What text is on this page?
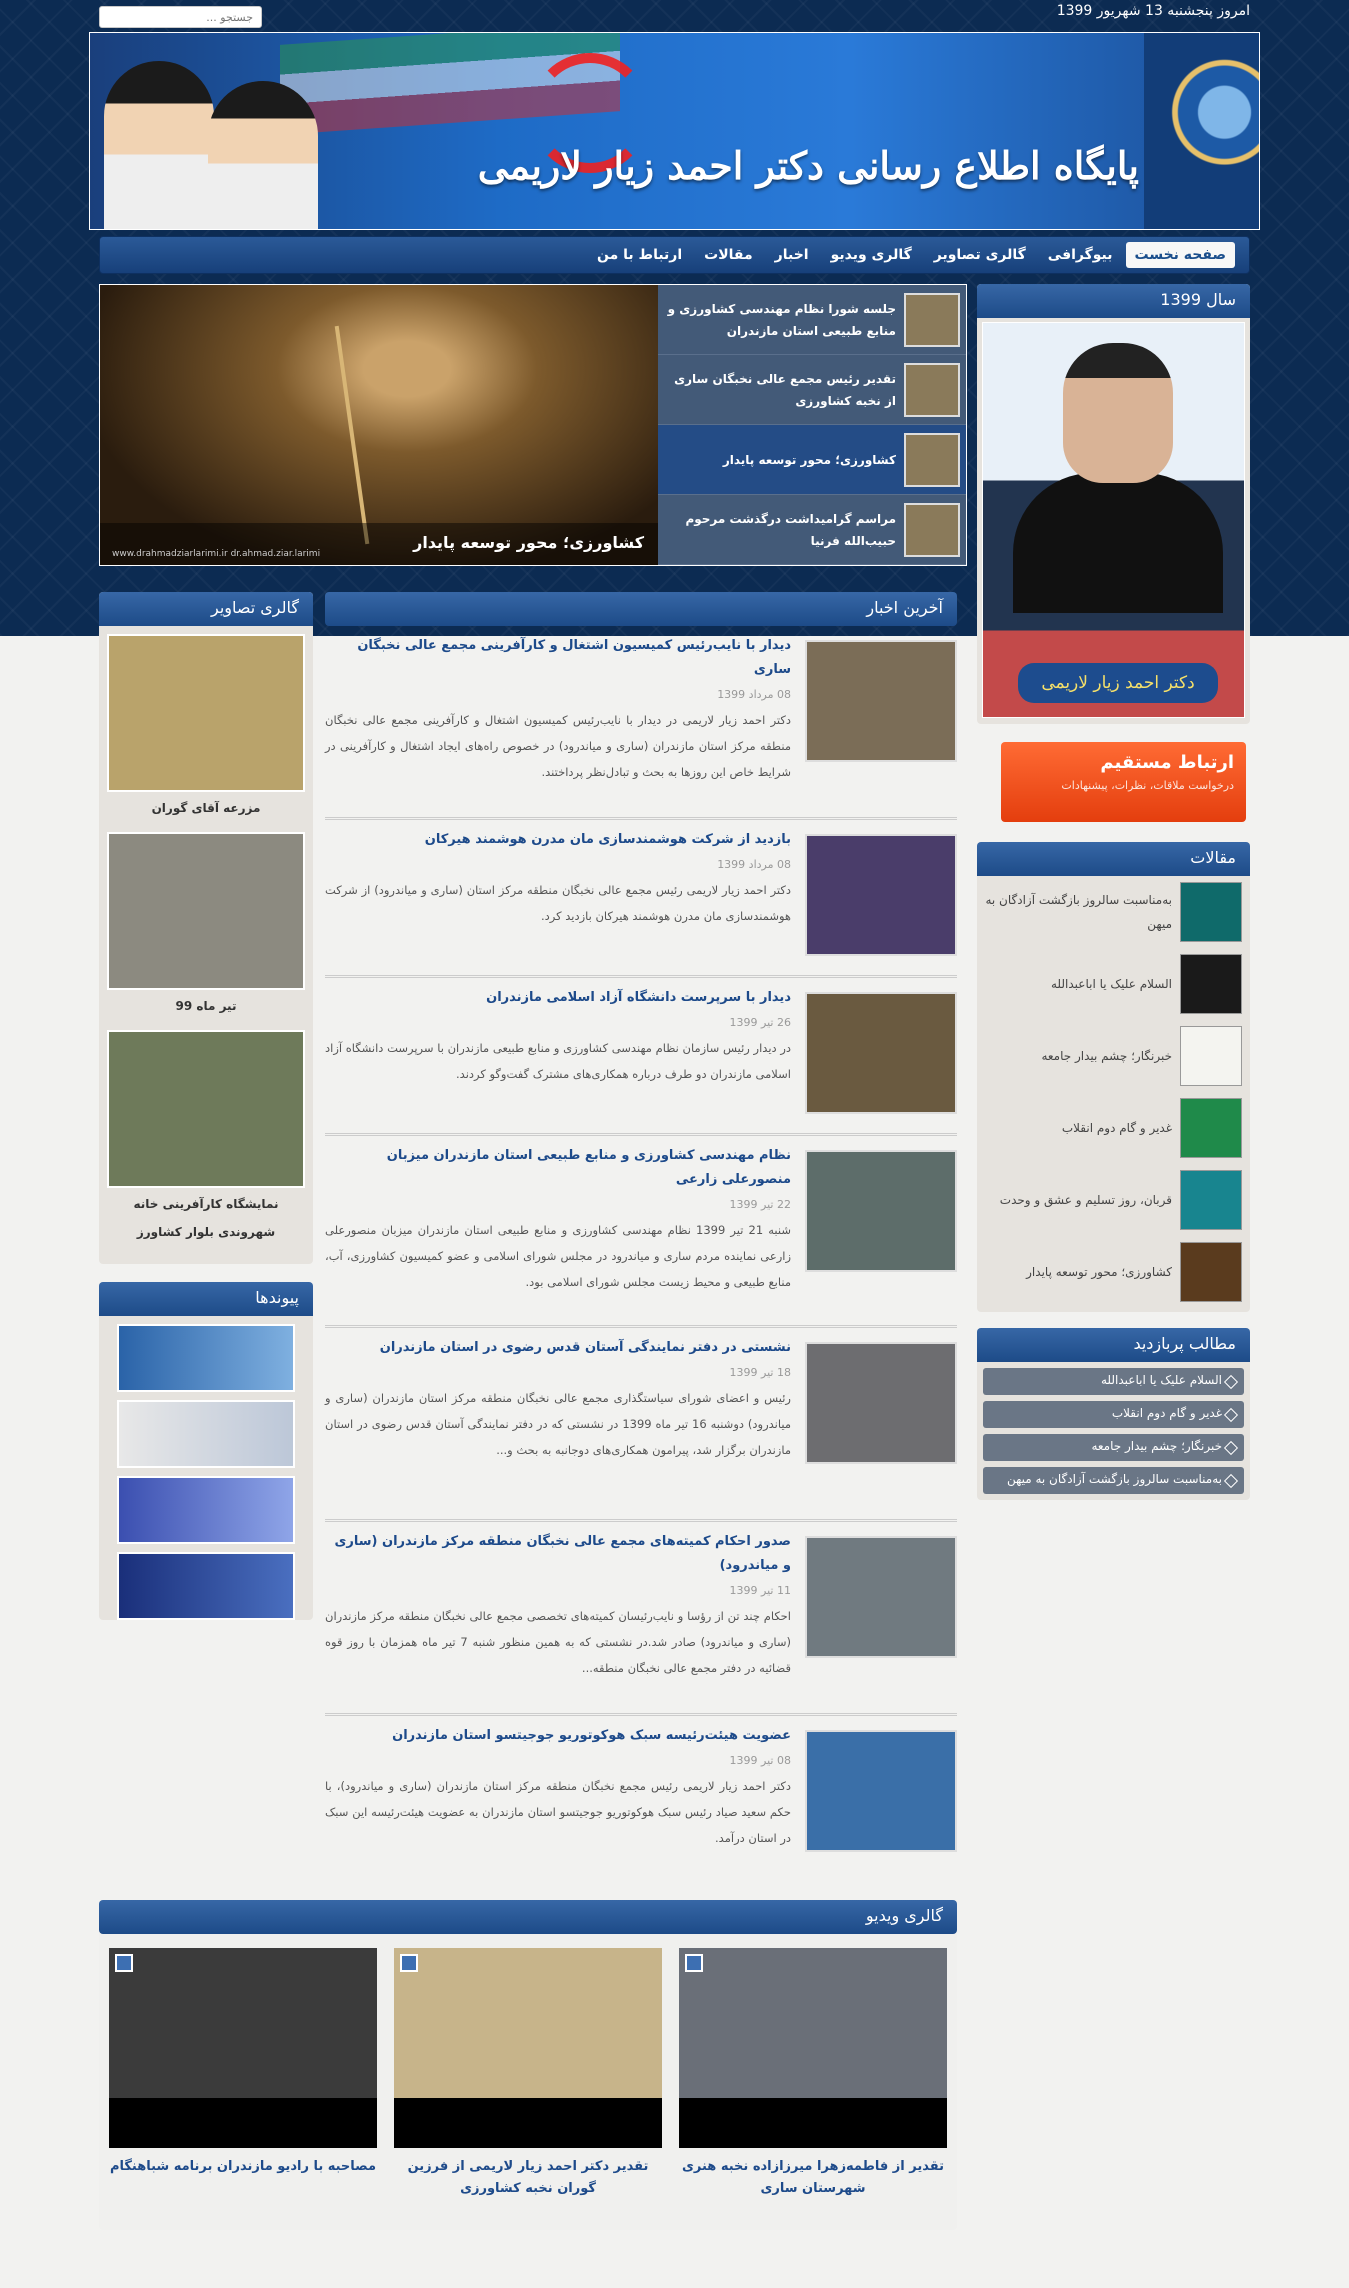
امروز پنجشنبه 13 شهریور 1399
جستجو ...
پایگاه اطلاع رسانی دکتر احمد زیار لاریمی
صفحه نخست
بیوگرافی
گالری تصاویر
گالری ویدیو
اخبار
مقالات
ارتباط با من
کشاورزی؛ محور توسعه پایدار
www.drahmadziarlarimi.ir dr.ahmad.ziar.larimi
جلسه شورا نظام مهندسی کشاورزی و منابع طبیعی استان مازندران
تقدیر رئیس مجمع عالی نخبگان ساری از نخبه کشاورزی
کشاورزی؛ محور توسعه پایدار
مراسم گرامیداشت درگذشت مرحوم حبیب‌الله فرنیا
سال 1399
دکتر احمد زیار لاریمی
ارتباط مستقیم
درخواست ملاقات، نظرات، پیشنهادات
مقالات
به‌مناسبت سالروز بازگشت آزادگان به میهن
السلام علیک یا اباعبدالله
خبرنگار؛ چشم بیدار جامعه
غدیر و گام دوم انقلاب
قربان، روز تسلیم و عشق و وحدت
کشاورزی؛ محور توسعه پایدار
مطالب پربازدید
السلام علیک یا اباعبدالله
غدیر و گام دوم انقلاب
خبرنگار؛ چشم بیدار جامعه
به‌مناسبت سالروز بازگشت آزادگان به میهن
گالری تصاویر
مزرعه آقای گوران
تیر ماه 99
نمایشگاه کارآفرینی خانه شهروندی بلوار کشاورز
پیوندها
آخرین اخبار
دیدار با نایب‌رئیس کمیسیون اشتغال و کارآفرینی مجمع عالی نخبگان ساری
08 مرداد 1399
دکتر احمد زیار لاریمی در دیدار با نایب‌رئیس کمیسیون اشتغال و کارآفرینی مجمع عالی نخبگان منطقه مرکز استان مازندران (ساری و میاندرود) در خصوص راه‌های ایجاد اشتغال و کارآفرینی در شرایط خاص این روزها به بحث و تبادل‌نظر پرداختند.
بازدید از شرکت هوشمندسازی مان مدرن هوشمند هیرکان
08 مرداد 1399
دکتر احمد زیار لاریمی رئیس مجمع عالی نخبگان منطقه مرکز استان (ساری و میاندرود) از شرکت هوشمندسازی مان مدرن هوشمند هیرکان بازدید کرد.
دیدار با سرپرست دانشگاه آزاد اسلامی مازندران
26 تیر 1399
در دیدار رئیس سازمان نظام مهندسی کشاورزی و منابع طبیعی مازندران با سرپرست دانشگاه آزاد اسلامی مازندران دو طرف درباره همکاری‌های مشترک گفت‌وگو کردند.
نظام مهندسی کشاورزی و منابع طبیعی استان مازندران میزبان منصورعلی زارعی
22 تیر 1399
شنبه 21 تیر 1399 نظام مهندسی کشاورزی و منابع طبیعی استان مازندران میزبان منصورعلی زارعی نماینده مردم ساری و میاندرود در مجلس شورای اسلامی و عضو کمیسیون کشاورزی، آب، منابع طبیعی و محیط زیست مجلس شورای اسلامی بود.
نشستی در دفتر نمایندگی آستان قدس رضوی در استان مازندران
18 تیر 1399
رئیس و اعضای شورای سیاستگذاری مجمع عالی نخبگان منطقه مرکز استان مازندران (ساری و میاندرود) دوشنبه 16 تیر ماه 1399 در نشستی که در دفتر نمایندگی آستان قدس رضوی در استان مازندران برگزار شد، پیرامون همکاری‌های دوجانبه به بحث و...
صدور احکام کمیته‌های مجمع عالی نخبگان منطقه مرکز مازندران (ساری و میاندرود)
11 تیر 1399
احکام چند تن از رؤسا و نایب‌رئیسان کمیته‌های تخصصی مجمع عالی نخبگان منطقه مرکز مازندران (ساری و میاندرود) صادر شد.در نشستی که به همین منظور شنبه 7 تیر ماه همزمان با روز قوه قضائیه در دفتر مجمع عالی نخبگان منطقه...
عضویت هیئت‌رئیسه سبک هوکوتوریو جوجیتسو استان مازندران
08 تیر 1399
دکتر احمد زیار لاریمی رئیس مجمع نخبگان منطقه مرکز استان مازندران (ساری و میاندرود)، با حکم سعید صیاد رئیس سبک هوکوتوریو جوجیتسو استان مازندران به عضویت هیئت‌رئیسه این سبک در استان درآمد.
گالری ویدیو
تقدیر از فاطمه‌زهرا میرزازاده نخبه هنری شهرستان ساری
تقدیر دکتر احمد زیار لاریمی از فرزین گوران نخبه کشاورزی
مصاحبه با رادیو مازندران برنامه شباهنگام
